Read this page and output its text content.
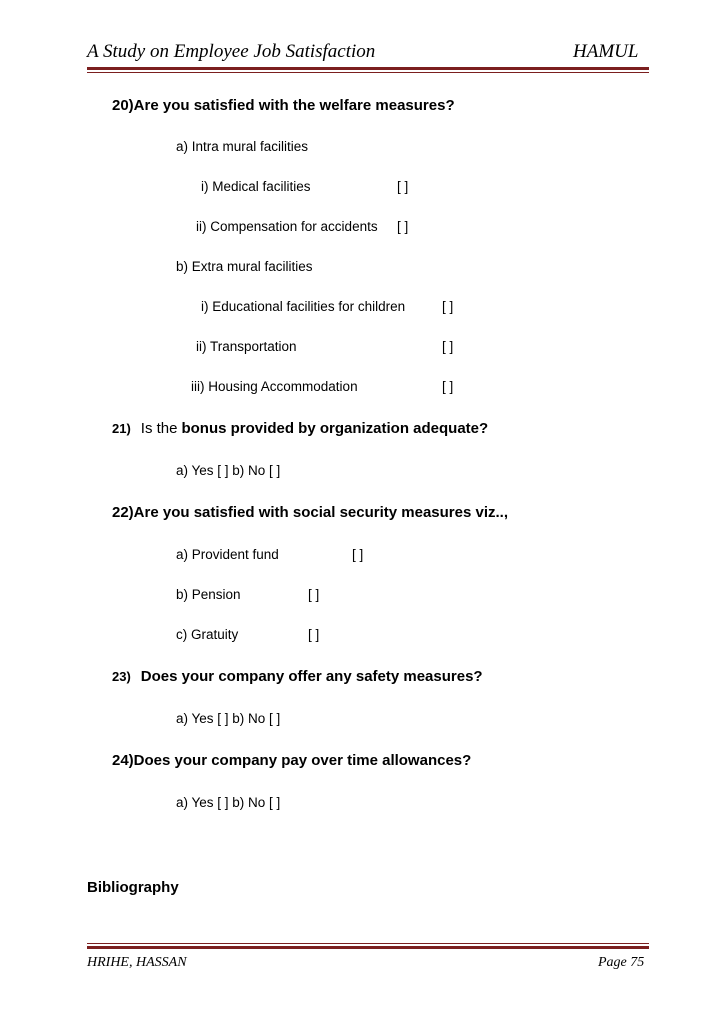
A Study on Employee Job Satisfaction	HAMUL
20)Are you satisfied with the welfare measures?
a) Intra mural facilities
i) Medical facilities	[ ]
ii) Compensation for accidents [ ]
b) Extra mural facilities
i) Educational facilities for children	[ ]
ii) Transportation	[ ]
iii) Housing Accommodation	[ ]
21) Is the bonus provided by organization adequate?
a) Yes [ ] b) No [ ]
22)Are you satisfied with social security measures viz..,
a) Provident fund	[ ]
b) Pension	[ ]
c) Gratuity	[ ]
23) Does your company offer any safety measures?
a) Yes [ ] b) No [ ]
24)Does your company pay over time allowances?
a) Yes [ ] b) No [ ]
Bibliography
HRIHE, HASSAN	Page 75
